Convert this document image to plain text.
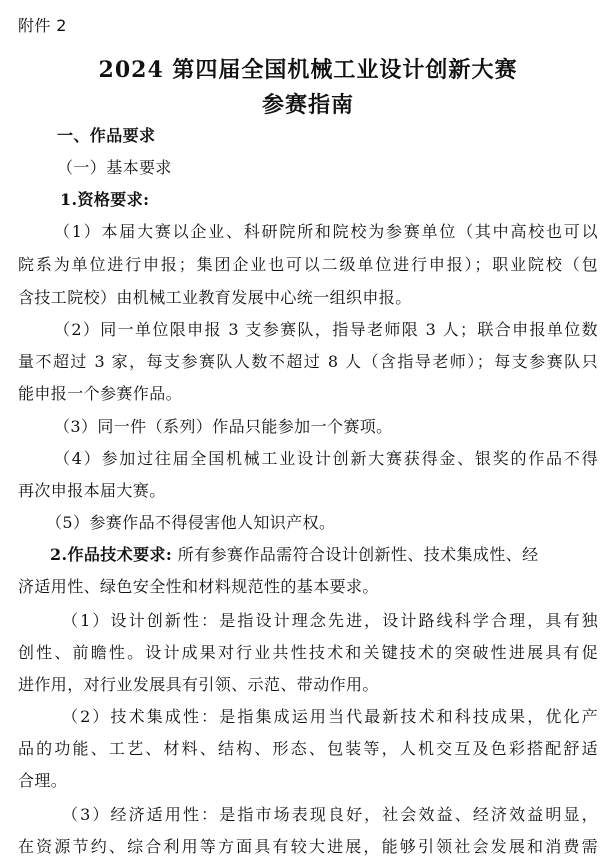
附件 2
2024 第四届全国机械工业设计创新大赛
参赛指南
一、作品要求
（一）基本要求
1.资格要求:
（1）本届大赛以企业、科研院所和院校为参赛单位（其中高校也可以
院系为单位进行申报；集团企业也可以二级单位进行申报）；职业院校（包
含技工院校）由机械工业教育发展中心统一组织申报。
（2）同一单位限申报 3 支参赛队，指导老师限 3 人；联合申报单位数
量不超过 3 家，每支参赛队人数不超过 8 人（含指导老师）；每支参赛队只
能申报一个参赛作品。
（3）同一件（系列）作品只能参加一个赛项。
（4）参加过往届全国机械工业设计创新大赛获得金、银奖的作品不得
再次申报本届大赛。
（5）参赛作品不得侵害他人知识产权。
2.作品技术要求: 所有参赛作品需符合设计创新性、技术集成性、经
济适用性、绿色安全性和材料规范性的基本要求。
（1）设计创新性：是指设计理念先进，设计路线科学合理，具有独
创性、前瞻性。设计成果对行业共性技术和关键技术的突破性进展具有促
进作用，对行业发展具有引领、示范、带动作用。
（2）技术集成性：是指集成运用当代最新技术和科技成果，优化产
品的功能、工艺、材料、结构、形态、包装等，人机交互及色彩搭配舒适
合理。
（3）经济适用性：是指市场表现良好，社会效益、经济效益明显，
在资源节约、综合利用等方面具有较大进展，能够引领社会发展和消费需
